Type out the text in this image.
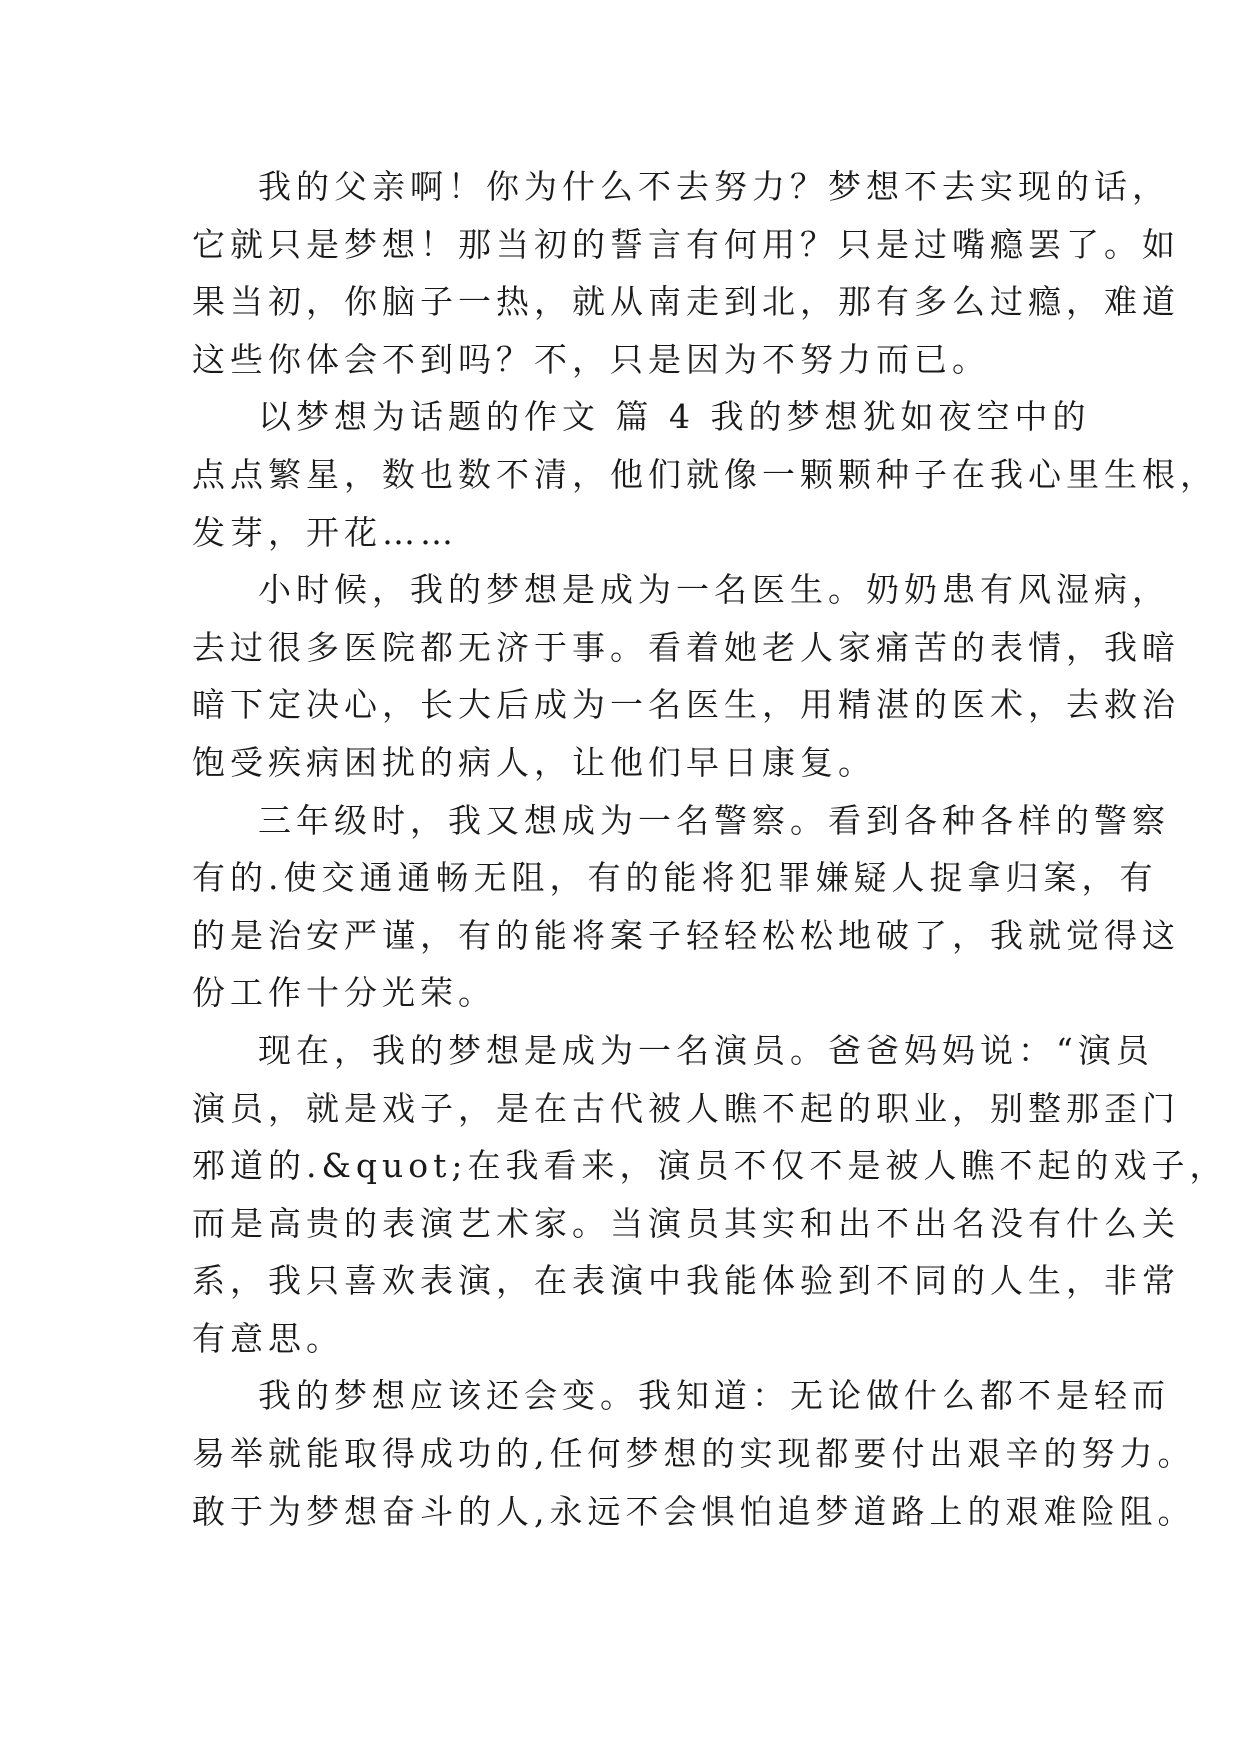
我的父亲啊！你为什么不去努力？梦想不去实现的话，
它就只是梦想！那当初的誓言有何用？只是过嘴瘾罢了。如
果当初，你脑子一热，就从南走到北，那有多么过瘾，难道
这些你体会不到吗？不，只是因为不努力而已。
以梦想为话题的作文 篇 4 我的梦想犹如夜空中的
点点繁星，数也数不清，他们就像一颗颗种子在我心里生根，
发芽，开花……
小时候，我的梦想是成为一名医生。奶奶患有风湿病，
去过很多医院都无济于事。看着她老人家痛苦的表情，我暗
暗下定决心，长大后成为一名医生，用精湛的医术，去救治
饱受疾病困扰的病人，让他们早日康复。
三年级时，我又想成为一名警察。看到各种各样的警察
有的.使交通通畅无阻，有的能将犯罪嫌疑人捉拿归案，有
的是治安严谨，有的能将案子轻轻松松地破了，我就觉得这
份工作十分光荣。
现在，我的梦想是成为一名演员。爸爸妈妈说：“演员
演员，就是戏子，是在古代被人瞧不起的职业，别整那歪门
邪道的.&quot;在我看来，演员不仅不是被人瞧不起的戏子，
而是高贵的表演艺术家。当演员其实和出不出名没有什么关
系，我只喜欢表演，在表演中我能体验到不同的人生，非常
有意思。
我的梦想应该还会变。我知道：无论做什么都不是轻而
易举就能取得成功的,任何梦想的实现都要付出艰辛的努力。
敢于为梦想奋斗的人,永远不会惧怕追梦道路上的艰难险阻。
